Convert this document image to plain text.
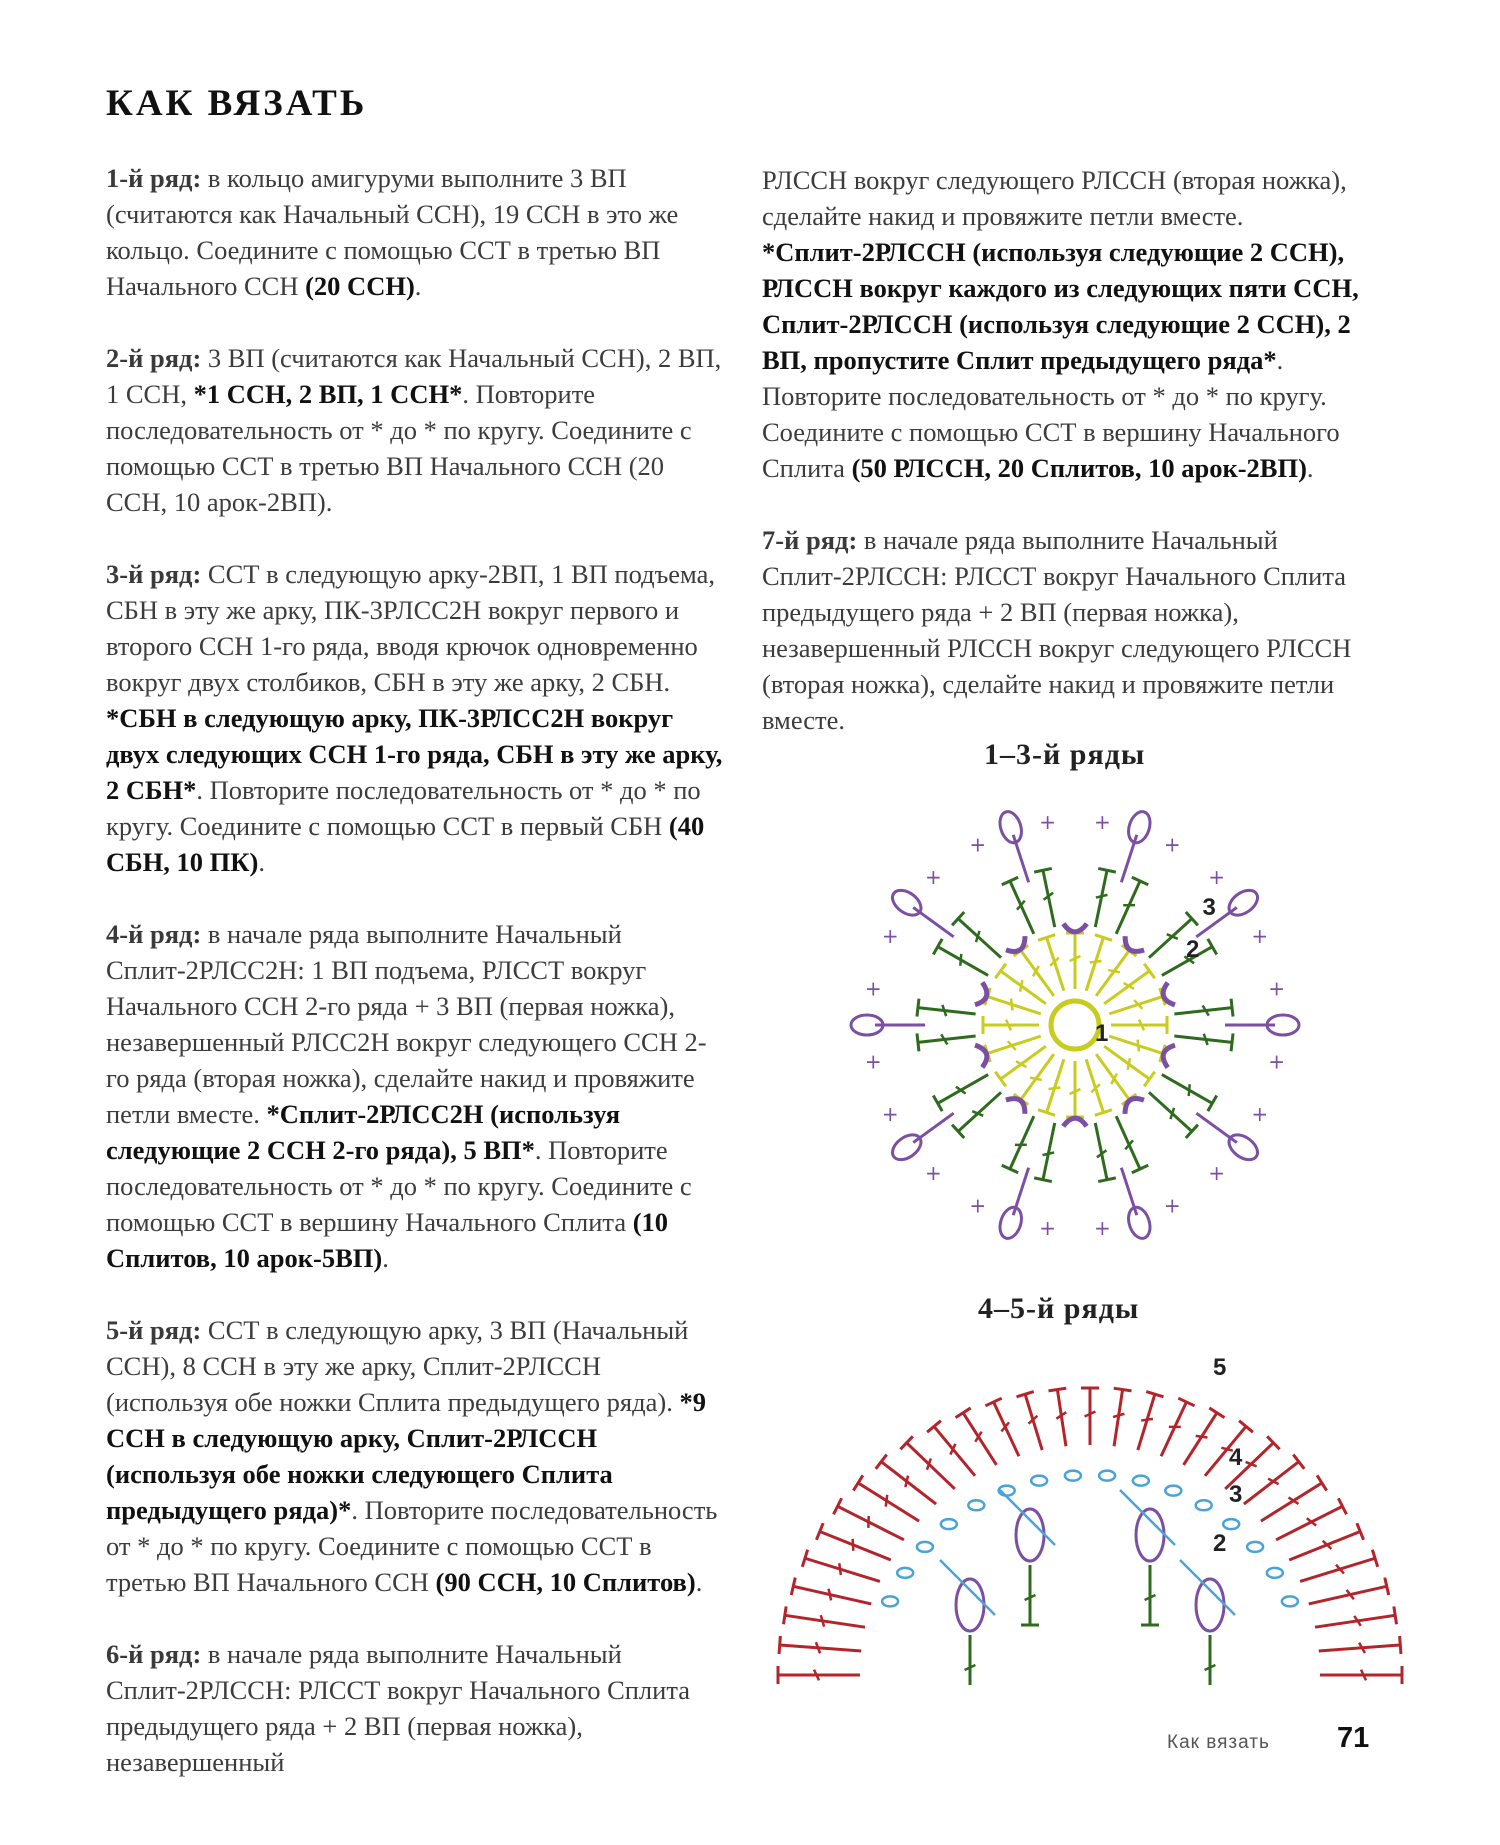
КАК ВЯЗАТЬ

1-й ряд: в кольцо амигуруми выполните 3 ВП (считаются как Начальный ССН), 19 ССН в это же кольцо. Соедините с помощью ССТ в третью ВП Начального ССН (20 ССН).

2-й ряд: 3 ВП (считаются как Начальный ССН), 2 ВП, 1 ССН, *1 ССН, 2 ВП, 1 ССН*. Повторите последовательность от * до * по кругу. Соедините с помощью ССТ в третью ВП Начального ССН (20 ССН, 10 арок-2ВП).

3-й ряд: ССТ в следующую арку-2ВП, 1 ВП подъема, СБН в эту же арку, ПК-3РЛСС2Н вокруг первого и второго ССН 1-го ряда, вводя крючок одновременно вокруг двух столбиков, СБН в эту же арку, 2 СБН. *СБН в следующую арку, ПК-3РЛСС2Н вокруг двух следующих ССН 1-го ряда, СБН в эту же арку, 2 СБН*. Повторите последовательность от * до * по кругу. Соедините с помощью ССТ в первый СБН (40 СБН, 10 ПК).

4-й ряд: в начале ряда выполните Начальный Сплит-2РЛСС2Н: 1 ВП подъема, РЛССТ вокруг Начального ССН 2-го ряда + 3 ВП (первая ножка), незавершенный РЛСС2Н вокруг следующего ССН 2-го ряда (вторая ножка), сделайте накид и провяжите петли вместе. *Сплит-2РЛСС2Н (используя следующие 2 ССН 2-го ряда), 5 ВП*. Повторите последовательность от * до * по кругу. Соедините с помощью ССТ в вершину Начального Сплита (10 Сплитов, 10 арок-5ВП).

5-й ряд: ССТ в следующую арку, 3 ВП (Начальный ССН), 8 ССН в эту же арку, Сплит-2РЛССН (используя обе ножки Сплита предыдущего ряда). *9 ССН в следующую арку, Сплит-2РЛССН (используя обе ножки следующего Сплита предыдущего ряда)*. Повторите последовательность от * до * по кругу. Соедините с помощью ССТ в третью ВП Начального ССН (90 ССН, 10 Сплитов).

6-й ряд: в начале ряда выполните Начальный Сплит-2РЛССН: РЛССТ вокруг Начального Сплита предыдущего ряда + 2 ВП (первая ножка), незавершенный

РЛССН вокруг следующего РЛССН (вторая ножка), сделайте накид и провяжите петли вместе. *Сплит-2РЛССН (используя следующие 2 ССН), РЛССН вокруг каждого из следующих пяти ССН, Сплит-2РЛССН (используя следующие 2 ССН), 2 ВП, пропустите Сплит предыдущего ряда*. Повторите последовательность от * до * по кругу. Соедините с помощью ССТ в вершину Начального Сплита (50 РЛССН, 20 Сплитов, 10 арок-2ВП).

7-й ряд: в начале ряда выполните Начальный Сплит-2РЛССН: РЛССТ вокруг Начального Сплита предыдущего ряда + 2 ВП (первая ножка), незавершенный РЛССН вокруг следующего РЛССН (вторая ножка), сделайте накид и провяжите петли вместе.

1–3-й ряды
+
+
+
+
+
+
+
+
+
+
+
+
+
+
+
+ +
+
+
+
1
2
3
4–5-й ряды
5
4
3
2
Как вязать 71
